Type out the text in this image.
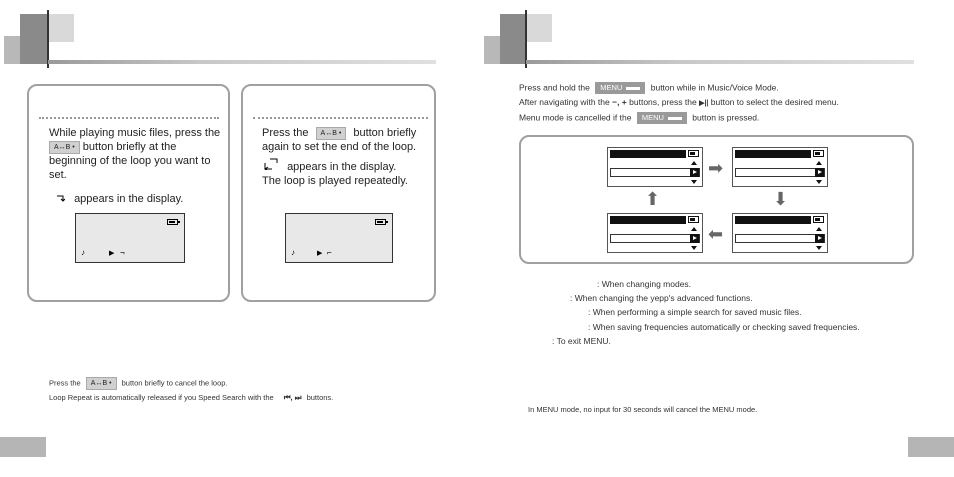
While playing music files, press the
A↔B • button briefly at the
beginning of the loop you want to
set.
appears in the display.
♪	▶ ¬
Press the A↔B • button briefly
again to set the end of the loop.
appears in the display.
The loop is played repeatedly.
♪	▶ ⌐
Press the A↔B • button briefly to cancel the loop.
Loop Repeat is automatically released if you Speed Search with the ⏮, ⏭ buttons.
Press and hold the MENU	button while in Music/Voice Mode.
After navigating with the −, + buttons, press the ▶|| button to select the desired menu.
Menu mode is cancelled if the MENU	button is pressed.
➡
⬇
⬅
⬆
: When changing modes.
: When changing the yepp's advanced functions.
: When performing a simple search for saved music files.
: When saving frequencies automatically or checking saved frequencies.
: To exit MENU.
In MENU mode, no input for 30 seconds will cancel the MENU mode.
